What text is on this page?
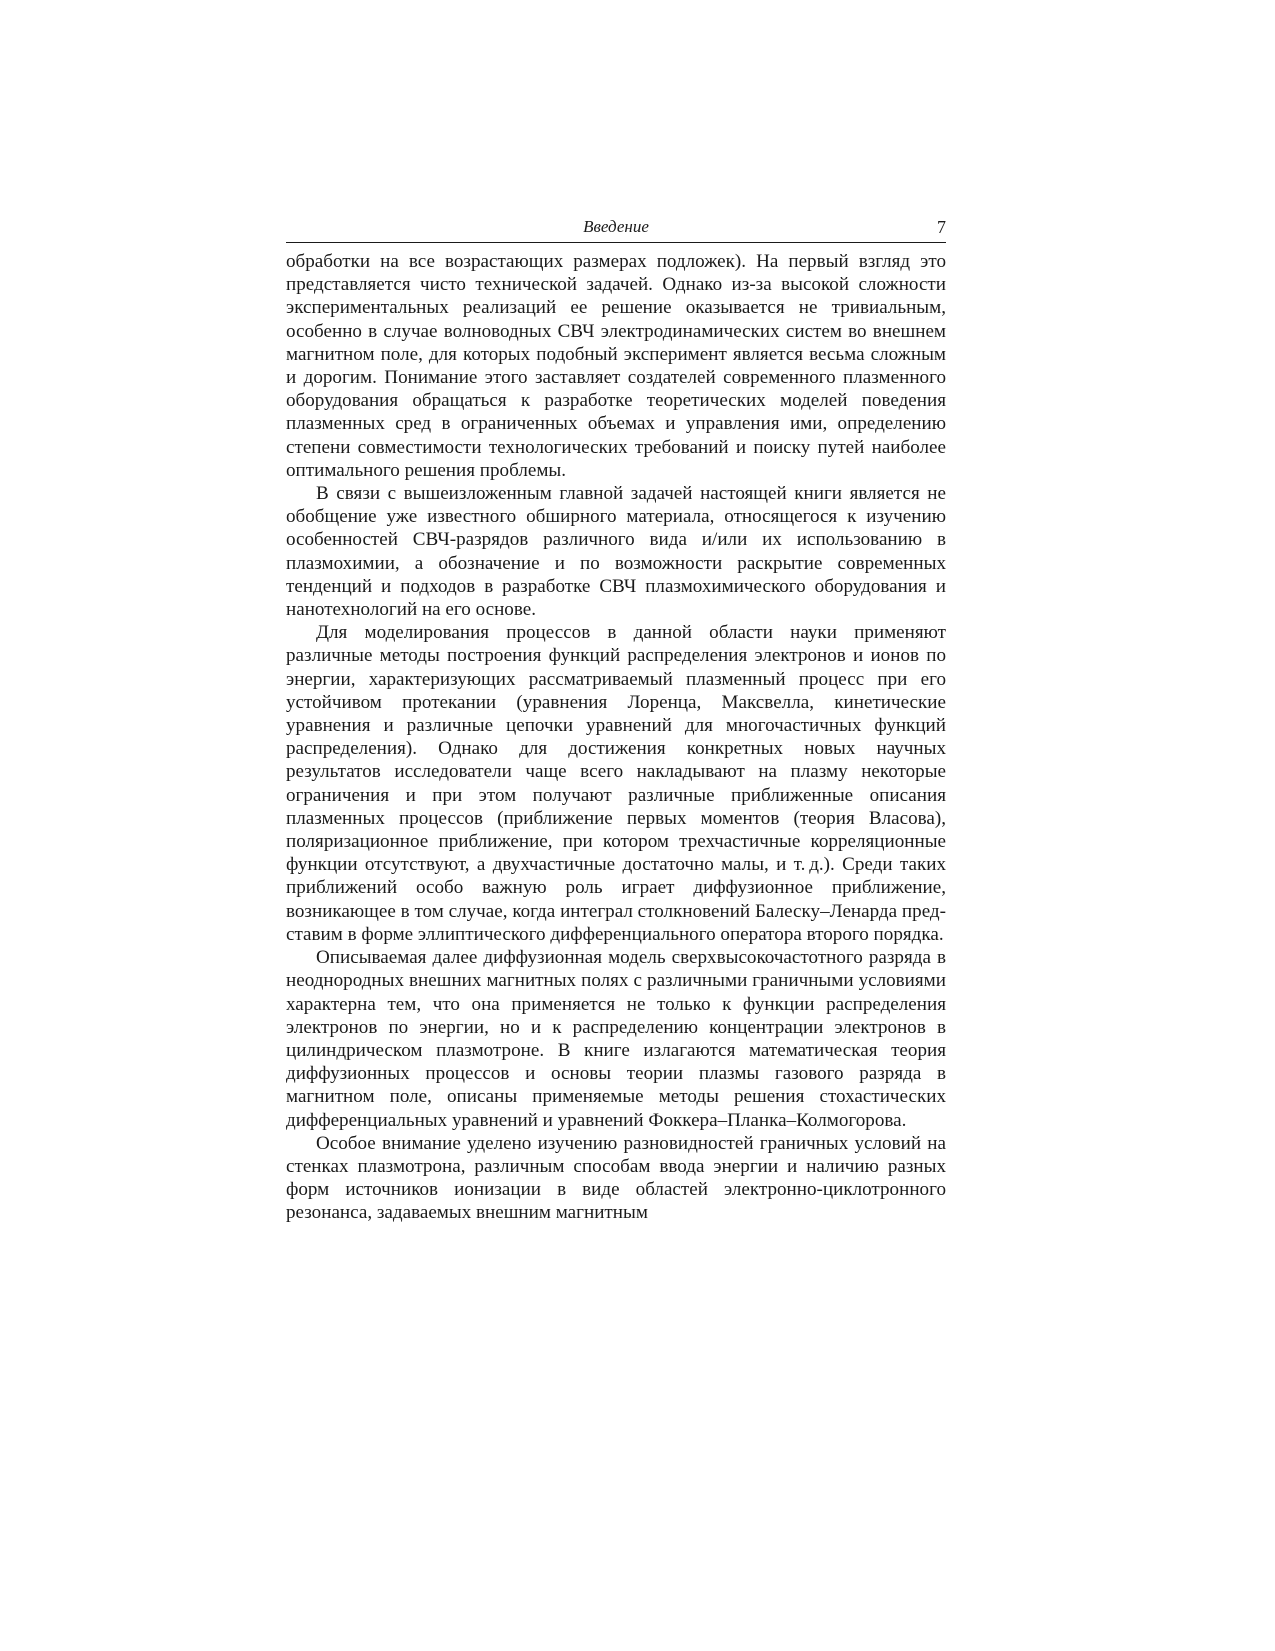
Введение	7

обработки на все возрастающих размерах подложек). На первый взгляд это представляется чисто технической задачей. Однако из-за высокой сложности экспериментальных реализаций ее решение оказывается не тривиальным, особенно в случае волноводных СВЧ электродинамических систем во внешнем магнитном поле, для которых подобный эксперимент является весьма сложным и дорогим. Понимание этого заставляет создателей современного плазменного оборудования обращаться к разработке теоретических моделей поведения плазменных сред в ограниченных объемах и управления ими, определению степени совместимости технологических требований и поиску путей наиболее оптимального решения проблемы.

В связи с вышеизложенным главной задачей настоящей книги является не обобщение уже известного обширного материала, относящегося к изучению особенностей СВЧ-разрядов различного вида и/или их использованию в плазмохимии, а обозначение и по возможности раскрытие современных тенденций и подходов в разработке СВЧ плазмохимического оборудования и нанотехнологий на его основе.

Для моделирования процессов в данной области науки применяют различные методы построения функций распределения электронов и ионов по энергии, характеризующих рассматриваемый плазменный процесс при его устойчивом протекании (уравнения Лоренца, Максвелла, кинетические уравнения и различные цепочки уравнений для многочастичных функций распределения). Однако для достижения конкретных новых научных результатов исследователи чаще всего накладывают на плазму некоторые ограничения и при этом получают различные приближенные описания плазменных процессов (приближение первых моментов (теория Власова), поляризационное приближение, при котором трехчастичные корреляционные функции отсутствуют, а двухчастичные достаточно малы, и т. д.). Среди таких приближений особо важную роль играет диффузионное приближение, возникающее в том случае, когда интеграл столкновений Балеску–Ленарда представим в форме эллиптического дифференциального оператора второго порядка.

Описываемая далее диффузионная модель сверхвысокочастотного разряда в неоднородных внешних магнитных полях с различными граничными условиями характерна тем, что она применяется не только к функции распределения электронов по энергии, но и к распределению концентрации электронов в цилиндрическом плазмотроне. В книге излагаются математическая теория диффузионных процессов и основы теории плазмы газового разряда в магнитном поле, описаны применяемые методы решения стохастических дифференциальных уравнений и уравнений Фоккера–Планка–Колмогорова.

Особое внимание уделено изучению разновидностей граничных условий на стенках плазмотрона, различным способам ввода энергии и наличию разных форм источников ионизации в виде областей электронно-циклотронного резонанса, задаваемых внешним магнитным
